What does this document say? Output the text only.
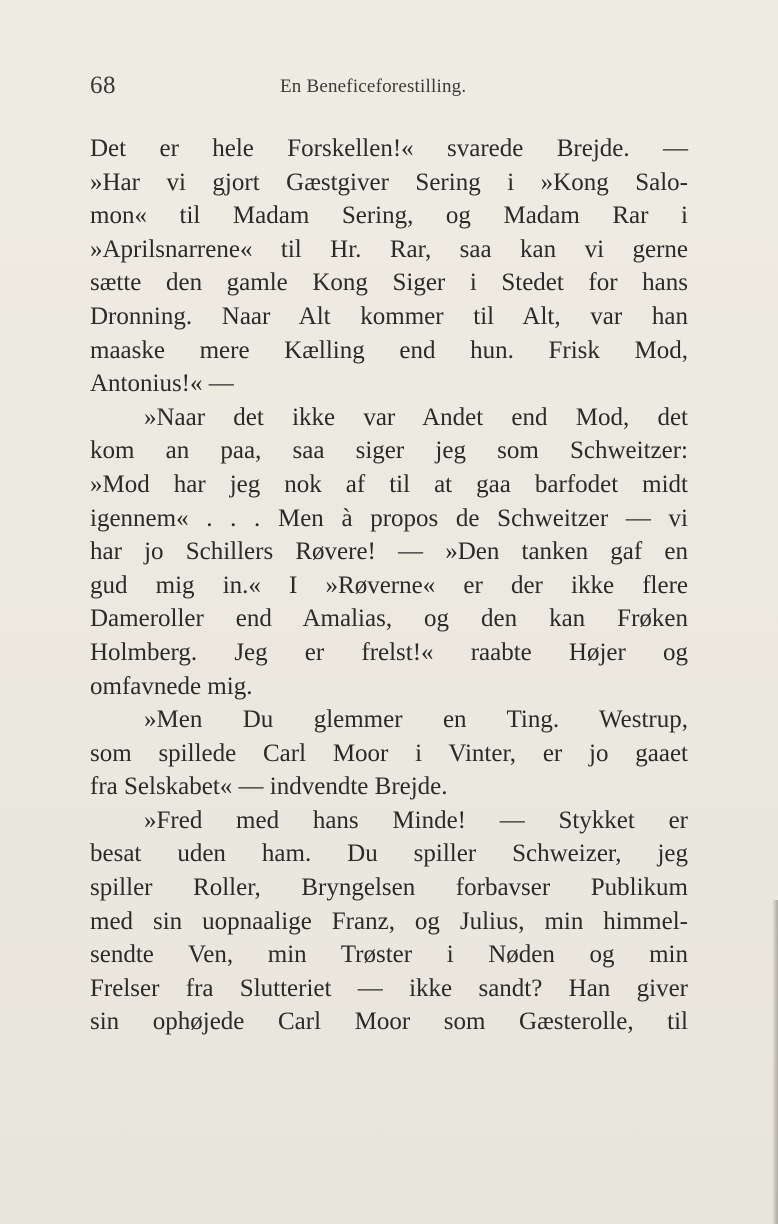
68	En Beneficeforestilling.
Det er hele Forskellen!« svarede Brejde. —
»Har vi gjort Gæstgiver Sering i »Kong Salo-
mon« til Madam Sering, og Madam Rar i
»Aprilsnarrene« til Hr. Rar, saa kan vi gerne
sætte den gamle Kong Siger i Stedet for hans
Dronning. Naar Alt kommer til Alt, var han
maaske mere Kælling end hun. Frisk Mod,
Antonius!« —
»Naar det ikke var Andet end Mod, det
kom an paa, saa siger jeg som Schweitzer:
»Mod har jeg nok af til at gaa barfodet midt
igennem« . . . Men à propos de Schweitzer — vi
har jo Schillers Røvere! — »Den tanken gaf en
gud mig in.« I »Røverne« er der ikke flere
Dameroller end Amalias, og den kan Frøken
Holmberg. Jeg er frelst!« raabte Højer og
omfavnede mig.
»Men Du glemmer en Ting. Westrup,
som spillede Carl Moor i Vinter, er jo gaaet
fra Selskabet« — indvendte Brejde.
»Fred med hans Minde! — Stykket er
besat uden ham. Du spiller Schweizer, jeg
spiller Roller, Bryngelsen forbavser Publikum
med sin uopnaalige Franz, og Julius, min himmel-
sendte Ven, min Trøster i Nøden og min
Frelser fra Slutteriet — ikke sandt? Han giver
sin ophøjede Carl Moor som Gæsterolle, til
